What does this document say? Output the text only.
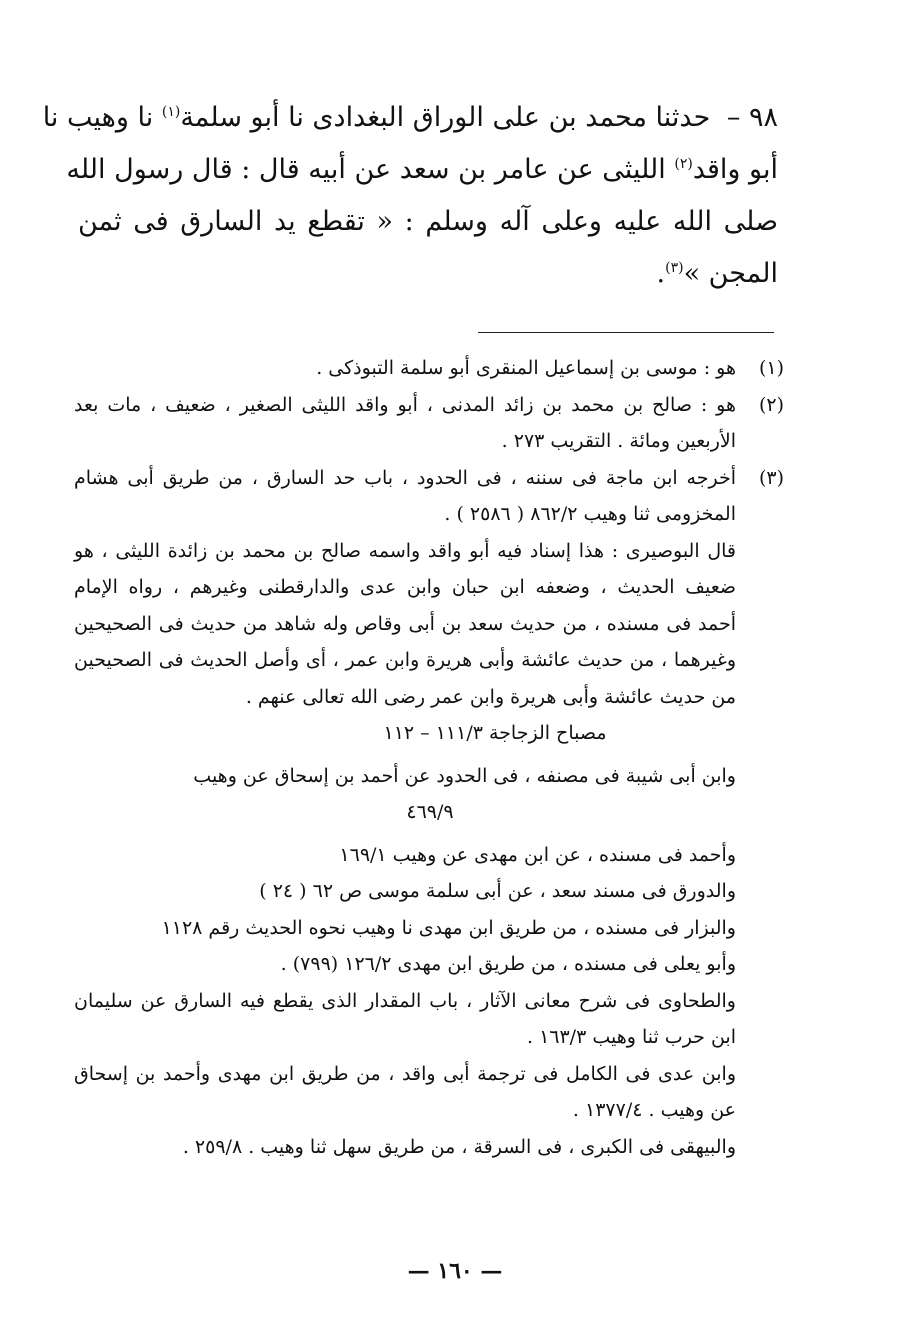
٩٨ – حدثنا محمد بن على الوراق البغدادى نا أبو سلمة$^{(١)}$ نا وهيب نا
أبو واقد$^{(٢)}$ الليثى عن عامر بن سعد عن أبيه قال : قال رسول الله
صلى الله عليه وعلى آله وسلم : « تقطع يد السارق فى ثمن
المجن »$^{(٣)}$.
(١)
هو : موسى بن إسماعيل المنقرى أبو سلمة التبوذكى .
(٢)
هو : صالح بن محمد بن زائد المدنى ، أبو واقد الليثى الصغير ، ضعيف ، مات بعد
الأربعين ومائة . التقريب ٢٧٣ .
(٣)
أخرجه ابن ماجة فى سننه ، فى الحدود ، باب حد السارق ، من طريق أبى هشام
المخزومى ثنا وهيب ٨٦٢/٢ ( ٢٥٨٦ ) .
قال البوصيرى : هذا إسناد فيه أبو واقد واسمه صالح بن محمد بن زائدة الليثى ، هو
ضعيف الحديث ، وضعفه ابن حبان وابن عدى والدارقطنى وغيرهم ، رواه الإمام
أحمد فى مسنده ، من حديث سعد بن أبى وقاص وله شاهد من حديث فى الصحيحين
وغيرهما ، من حديث عائشة وأبى هريرة وابن عمر ، أى وأصل الحديث فى الصحيحين
من حديث عائشة وأبى هريرة وابن عمر رضى الله تعالى عنهم .
مصباح الزجاجة ١١١/٣ – ١١٢
وابن أبى شيبة فى مصنفه ، فى الحدود عن أحمد بن إسحاق عن وهيب
٤٦٩/٩
وأحمد فى مسنده ، عن ابن مهدى عن وهيب ١٦٩/١
والدورق فى مسند سعد ، عن أبى سلمة موسى ص ٦٢ ( ٢٤ )
والبزار فى مسنده ، من طريق ابن مهدى نا وهيب نحوه الحديث رقم ١١٢٨
وأبو يعلى فى مسنده ، من طريق ابن مهدى ١٢٦/٢ (٧٩٩) .
والطحاوى فى شرح معانى الآثار ، باب المقدار الذى يقطع فيه السارق عن سليمان
ابن حرب ثنا وهيب ١٦٣/٣ .
وابن عدى فى الكامل فى ترجمة أبى واقد ، من طريق ابن مهدى وأحمد بن إسحاق
عن وهيب . ١٣٧٧/٤ .
والبيهقى فى الكبرى ، فى السرقة ، من طريق سهل ثنا وهيب . ٢٥٩/٨ .
— ١٦٠ —
